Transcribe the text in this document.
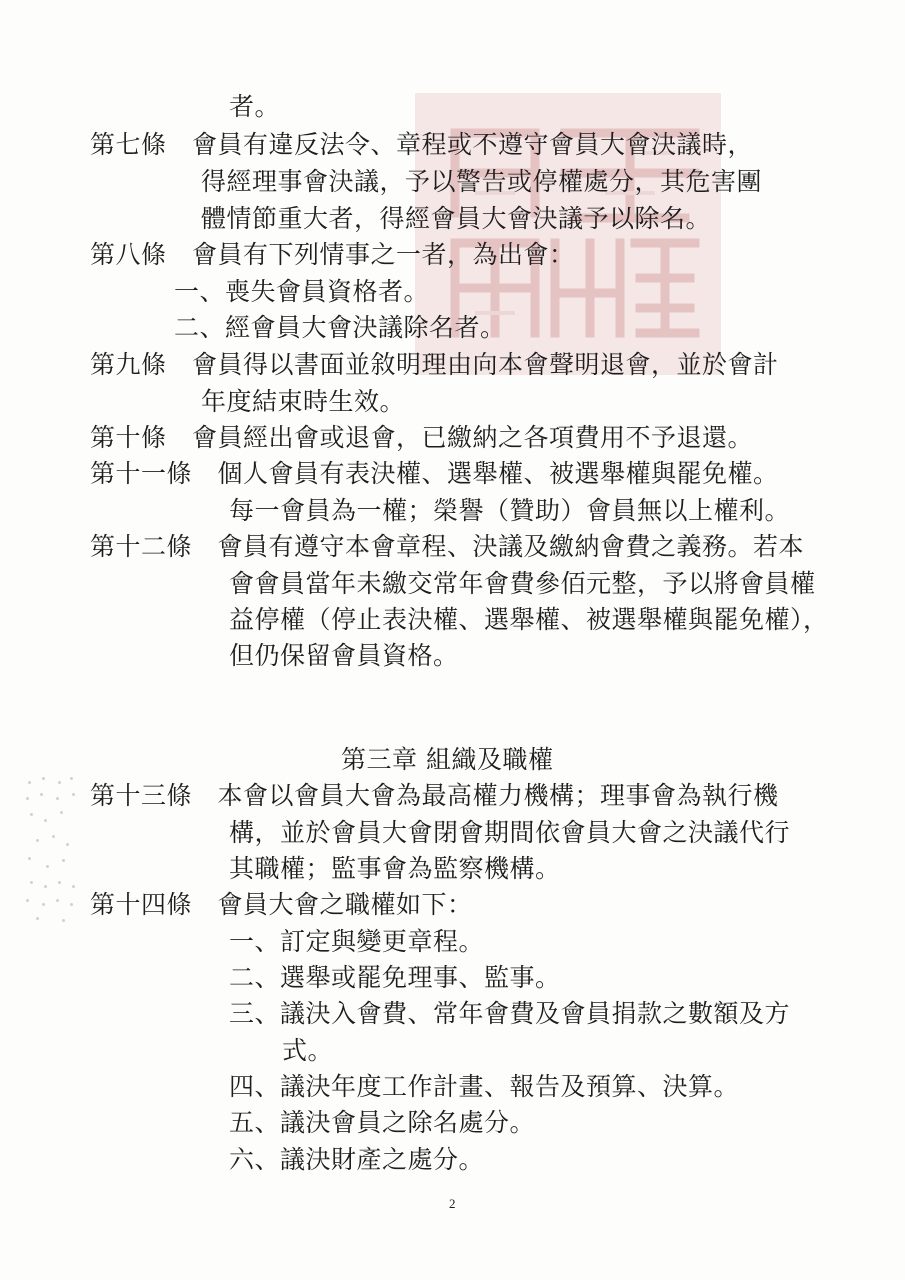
者。
第七條　會員有違反法令、章程或不遵守會員大會決議時，
得經理事會決議，予以警告或停權處分，其危害團
體情節重大者，得經會員大會決議予以除名。
第八條　會員有下列情事之一者，為出會：
一、喪失會員資格者。
二、經會員大會決議除名者。
第九條　會員得以書面並敘明理由向本會聲明退會，並於會計
年度結束時生效。
第十條　會員經出會或退會，已繳納之各項費用不予退還。
第十一條　個人會員有表決權、選舉權、被選舉權與罷免權。
每一會員為一權；榮譽（贊助）會員無以上權利。
第十二條　會員有遵守本會章程、決議及繳納會費之義務。若本
會會員當年未繳交常年會費參佰元整，予以將會員權
益停權（停止表決權、選舉權、被選舉權與罷免權），
但仍保留會員資格。
第三章 組織及職權
第十三條　本會以會員大會為最高權力機構；理事會為執行機
構，並於會員大會閉會期間依會員大會之決議代行
其職權；監事會為監察機構。
第十四條　會員大會之職權如下：
一、訂定與變更章程。
二、選舉或罷免理事、監事。
三、議決入會費、常年會費及會員捐款之數額及方
式。
四、議決年度工作計畫、報告及預算、決算。
五、議決會員之除名處分。
六、議決財產之處分。
2
